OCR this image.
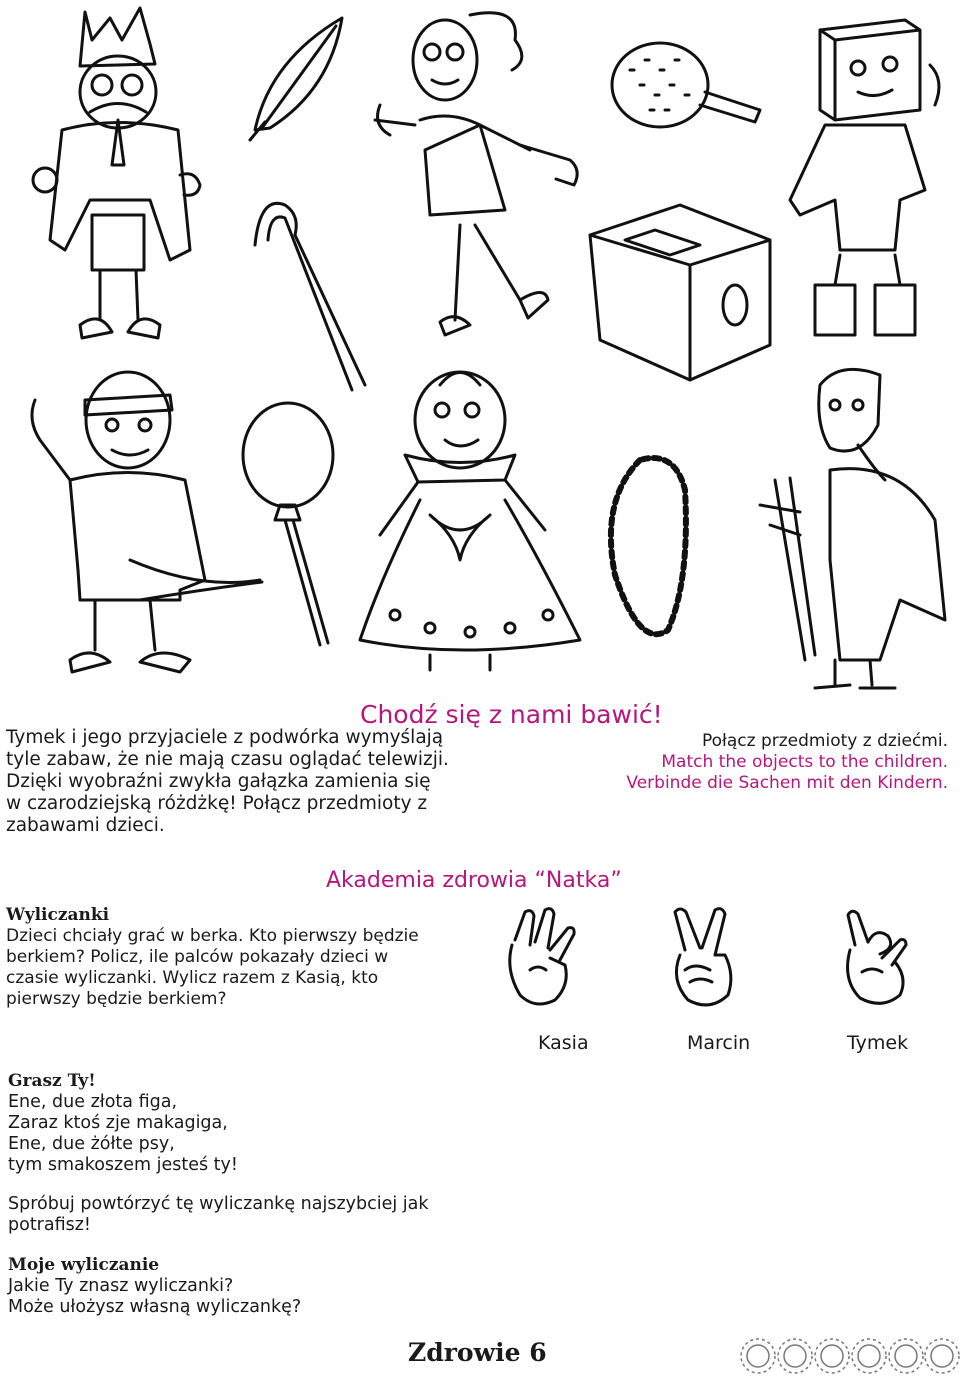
Chodź się z nami bawić!
Tymek i jego przyjaciele z podwórka wymyślają
tyle zabaw, że nie mają czasu oglądać telewizji.
Dzięki wyobraźni zwykła gałązka zamienia się
w czarodziejską różdżkę! Połącz przedmioty z
zabawami dzieci.
Połącz przedmioty z dziećmi.
Match the objects to the children.
Verbinde die Sachen mit den Kindern.
Akademia zdrowia “Natka”
Wyliczanki
Dzieci chciały grać w berka. Kto pierwszy będzie
berkiem? Policz, ile palców pokazały dzieci w
czasie wyliczanki. Wylicz razem z Kasią, kto
pierwszy będzie berkiem?
Kasia	Marcin	Tymek
Grasz Ty!
Ene, due złota figa,
Zaraz ktoś zje makagiga,
Ene, due żółte psy,
tym smakoszem jesteś ty!
Spróbuj powtórzyć tę wyliczankę najszybciej jak
potrafisz!
Moje wyliczanie
Jakie Ty znasz wyliczanki?
Może ułożysz własną wyliczankę?
Zdrowie 6
